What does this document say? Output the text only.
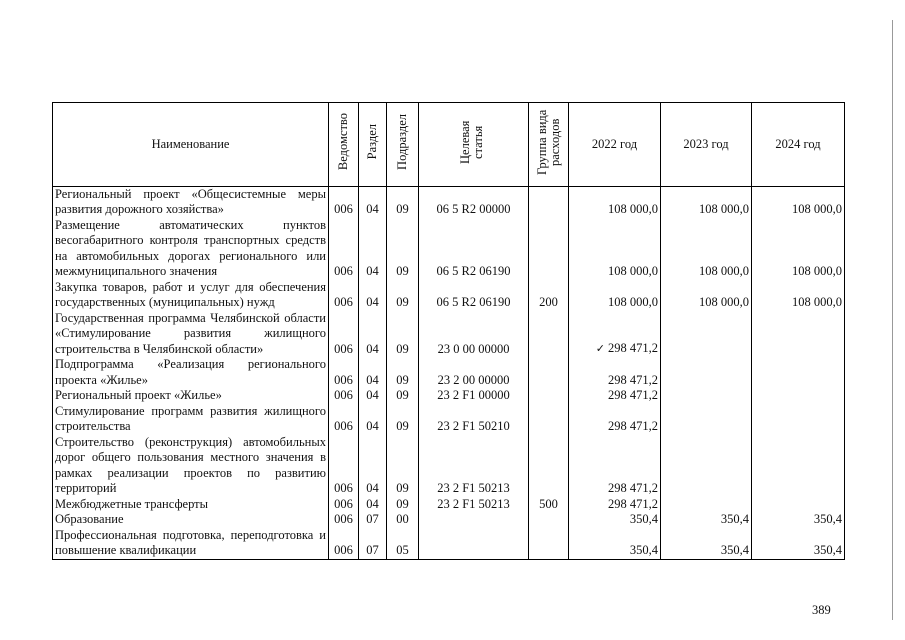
Наименование	Ведомство	Раздел	Подраздел	Целевая статья	Группа вида расходов	2022 год	2023 год	2024 год
Региональный проект «Общесистемные меры развития дорожного хозяйства»	006	04	09	06 5 R2 00000		108 000,0	108 000,0	108 000,0
Размещение автоматических пунктов весогабаритного контроля транспортных средств на автомобильных дорогах регионального или межмуниципального значения	006	04	09	06 5 R2 06190		108 000,0	108 000,0	108 000,0
Закупка товаров, работ и услуг для обеспечения государственных (муниципальных) нужд	006	04	09	06 5 R2 06190	200	108 000,0	108 000,0	108 000,0
Государственная программа Челябинской области «Стимулирование развития жилищного строительства в Челябинской области»	006	04	09	23 0 00 00000		✓ 298 471,2		
Подпрограмма «Реализация регионального проекта «Жилье»	006	04	09	23 2 00 00000		298 471,2		
Региональный проект «Жилье»	006	04	09	23 2 F1 00000		298 471,2		
Стимулирование программ развития жилищного строительства	006	04	09	23 2 F1 50210		298 471,2		
Строительство (реконструкция) автомобильных дорог общего пользования местного значения в рамках реализации проектов по развитию территорий	006	04	09	23 2 F1 50213		298 471,2		
Межбюджетные трансферты	006	04	09	23 2 F1 50213	500	298 471,2		
Образование	006	07	00			350,4	350,4	350,4
Профессиональная подготовка, переподготовка и повышение квалификации	006	07	05			350,4	350,4	350,4
389
